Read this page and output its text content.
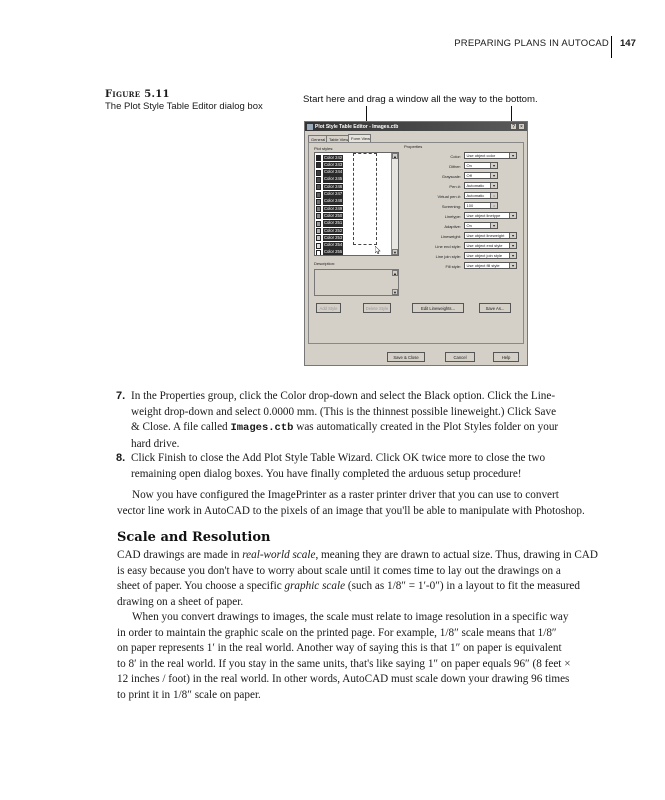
PREPARING PLANS IN AUTOCAD 147
Figure 5.11
The Plot Style Table Editor dialog box
Start here and drag a window all the way to the bottom.
Plot Style Table Editor - Images.ctb	?	×
General Table View Form View
Plot styles:
▲
▼
Color 242
Color 243
Color 244
Color 245
Color 246
Color 247
Color 248
Color 249
Color 250
Color 251
Color 252
Color 253
Color 254
Color 255
Description:
▲
▼
Properties
Color:	Use object color	▼
Dither:	On	▼
Grayscale:	Off	▼
Pen #:	Automatic	▼
Virtual pen #:	Automatic	↕
Screening:	100	↕
Linetype:	Use object linetype	▼
Adaptive:	On	▼
Lineweight:	Use object lineweight	▼
Line end style:	Use object end style	▼
Line join style:	Use object join style	▼
Fill style:	Use object fill style	▼
Add Style	Delete Style	Edit Lineweights...	Save As...
Save & Close	Cancel	Help
7. In the Properties group, click the Color drop-down and select the Black option. Click the Line-
weight drop-down and select 0.0000 mm. (This is the thinnest possible lineweight.) Click Save
& Close. A file called Images.ctb was automatically created in the Plot Styles folder on your
hard drive.
8. Click Finish to close the Add Plot Style Table Wizard. Click OK twice more to close the two
remaining open dialog boxes. You have finally completed the arduous setup procedure!
Now you have configured the ImagePrinter as a raster printer driver that you can use to convert
vector line work in AutoCAD to the pixels of an image that you'll be able to manipulate with Photoshop.
Scale and Resolution
CAD drawings are made in real-world scale, meaning they are drawn to actual size. Thus, drawing in CAD
is easy because you don't have to worry about scale until it comes time to lay out the drawings on a
sheet of paper. You choose a specific graphic scale (such as 1/8″ = 1′-0″) in a layout to fit the measured
drawing on a sheet of paper.
When you convert drawings to images, the scale must relate to image resolution in a specific way
in order to maintain the graphic scale on the printed page. For example, 1/8″ scale means that 1/8″
on paper represents 1′ in the real world. Another way of saying this is that 1″ on paper is equivalent
to 8′ in the real world. If you stay in the same units, that's like saying 1″ on paper equals 96″ (8 feet ×
12 inches / foot) in the real world. In other words, AutoCAD must scale down your drawing 96 times
to print it in 1/8″ scale on paper.
